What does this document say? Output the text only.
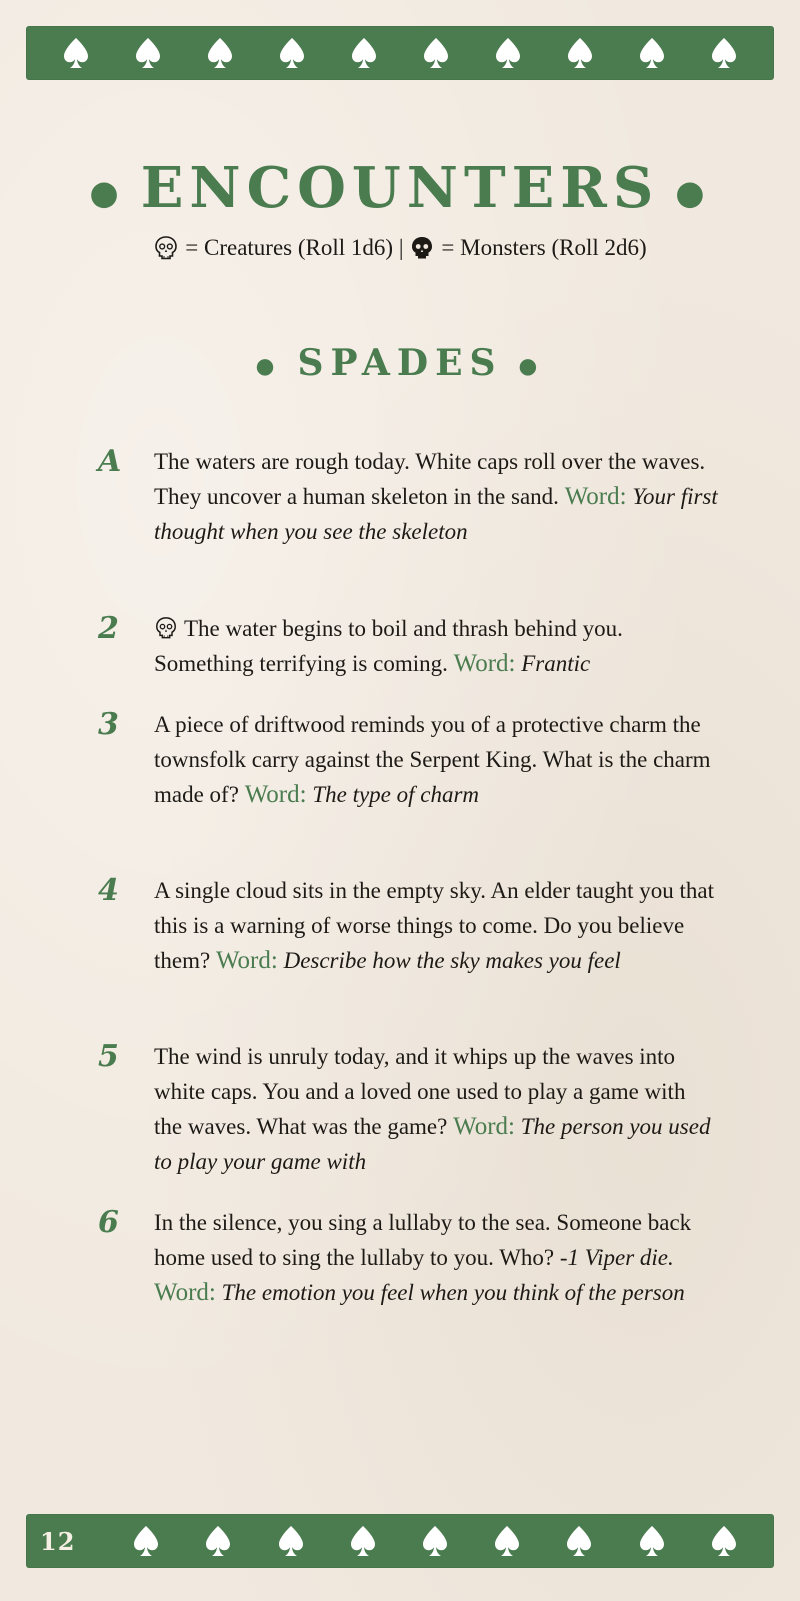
● ENCOUNTERS ●
= Creatures (Roll 1d6) | = Monsters (Roll 2d6)
● SPADES ●
A	The waters are rough today. White caps roll over the waves. They uncover a human skeleton in the sand. Word: Your first thought when you see the skeleton
2	The water begins to boil and thrash behind you. Something terrifying is coming. Word: Frantic
3	A piece of driftwood reminds you of a protective charm the townsfolk carry against the Serpent King. What is the charm made of? Word: The type of charm
4	A single cloud sits in the empty sky. An elder taught you that this is a warning of worse things to come. Do you believe them? Word: Describe how the sky makes you feel
5	The wind is unruly today, and it whips up the waves into white caps. You and a loved one used to play a game with the waves. What was the game? Word: The person you used to play your game with
6	In the silence, you sing a lullaby to the sea. Someone back home used to sing the lullaby to you. Who? -1 Viper die. Word: The emotion you feel when you think of the person
12
